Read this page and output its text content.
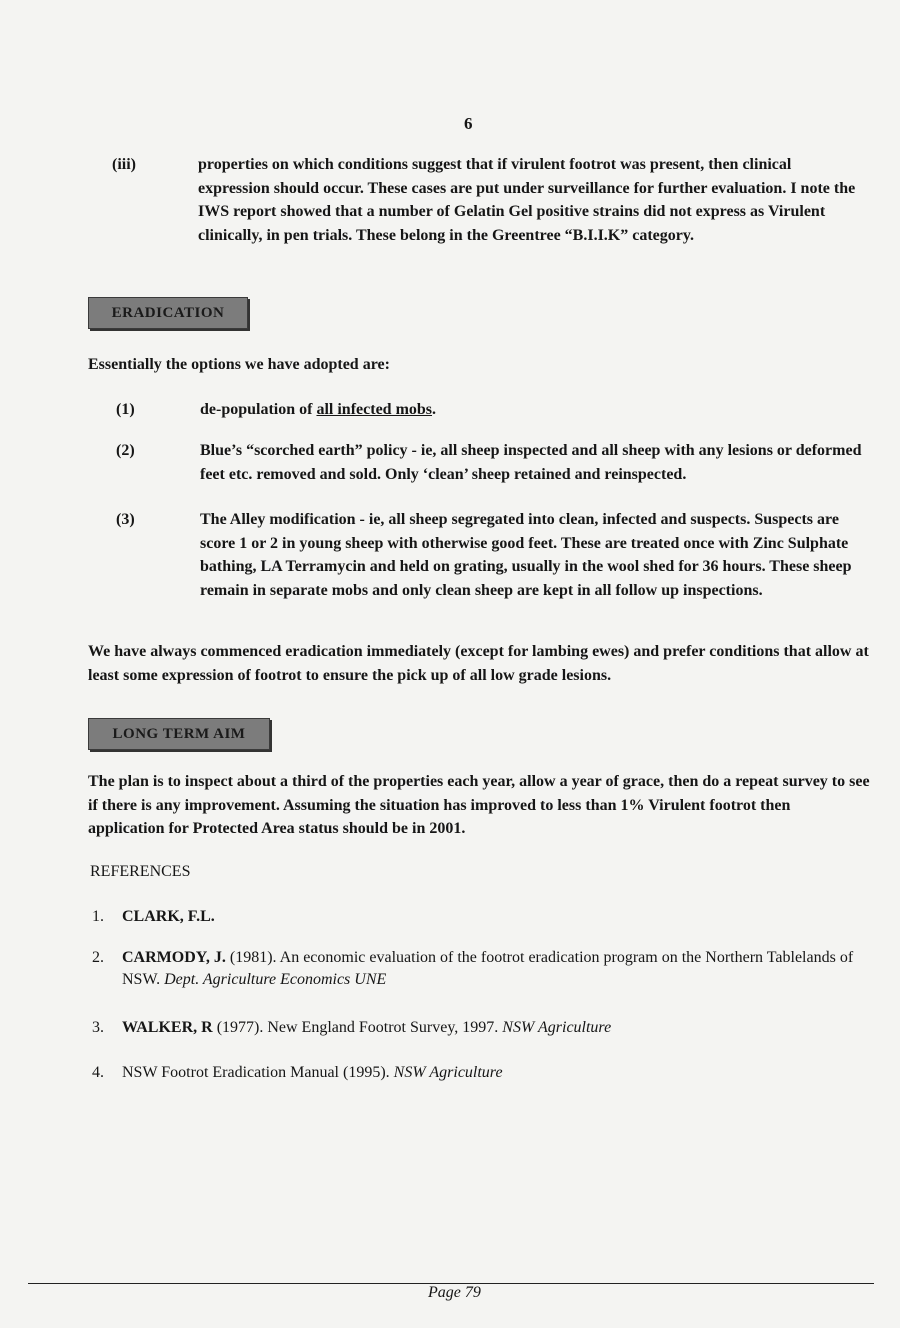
6
(iii)	properties on which conditions suggest that if virulent footrot was present, then clinical expression should occur. These cases are put under surveillance for further evaluation. I note the IWS report showed that a number of Gelatin Gel positive strains did not express as Virulent clinically, in pen trials. These belong in the Greentree “B.I.I.K” category.
ERADICATION
Essentially the options we have adopted are:
(1)	de-population of all infected mobs.
(2)	Blue’s “scorched earth” policy - ie, all sheep inspected and all sheep with any lesions or deformed feet etc. removed and sold. Only ‘clean’ sheep retained and reinspected.
(3)	The Alley modification - ie, all sheep segregated into clean, infected and suspects. Suspects are score 1 or 2 in young sheep with otherwise good feet. These are treated once with Zinc Sulphate bathing, LA Terramycin and held on grating, usually in the wool shed for 36 hours. These sheep remain in separate mobs and only clean sheep are kept in all follow up inspections.
We have always commenced eradication immediately (except for lambing ewes) and prefer conditions that allow at least some expression of footrot to ensure the pick up of all low grade lesions.
LONG TERM AIM
The plan is to inspect about a third of the properties each year, allow a year of grace, then do a repeat survey to see if there is any improvement. Assuming the situation has improved to less than 1% Virulent footrot then application for Protected Area status should be in 2001.
REFERENCES
1. CLARK, F.L.
2. CARMODY, J. (1981). An economic evaluation of the footrot eradication program on the Northern Tablelands of NSW. Dept. Agriculture Economics UNE
3. WALKER, R (1977). New England Footrot Survey, 1997. NSW Agriculture
4. NSW Footrot Eradication Manual (1995). NSW Agriculture
Page 79
